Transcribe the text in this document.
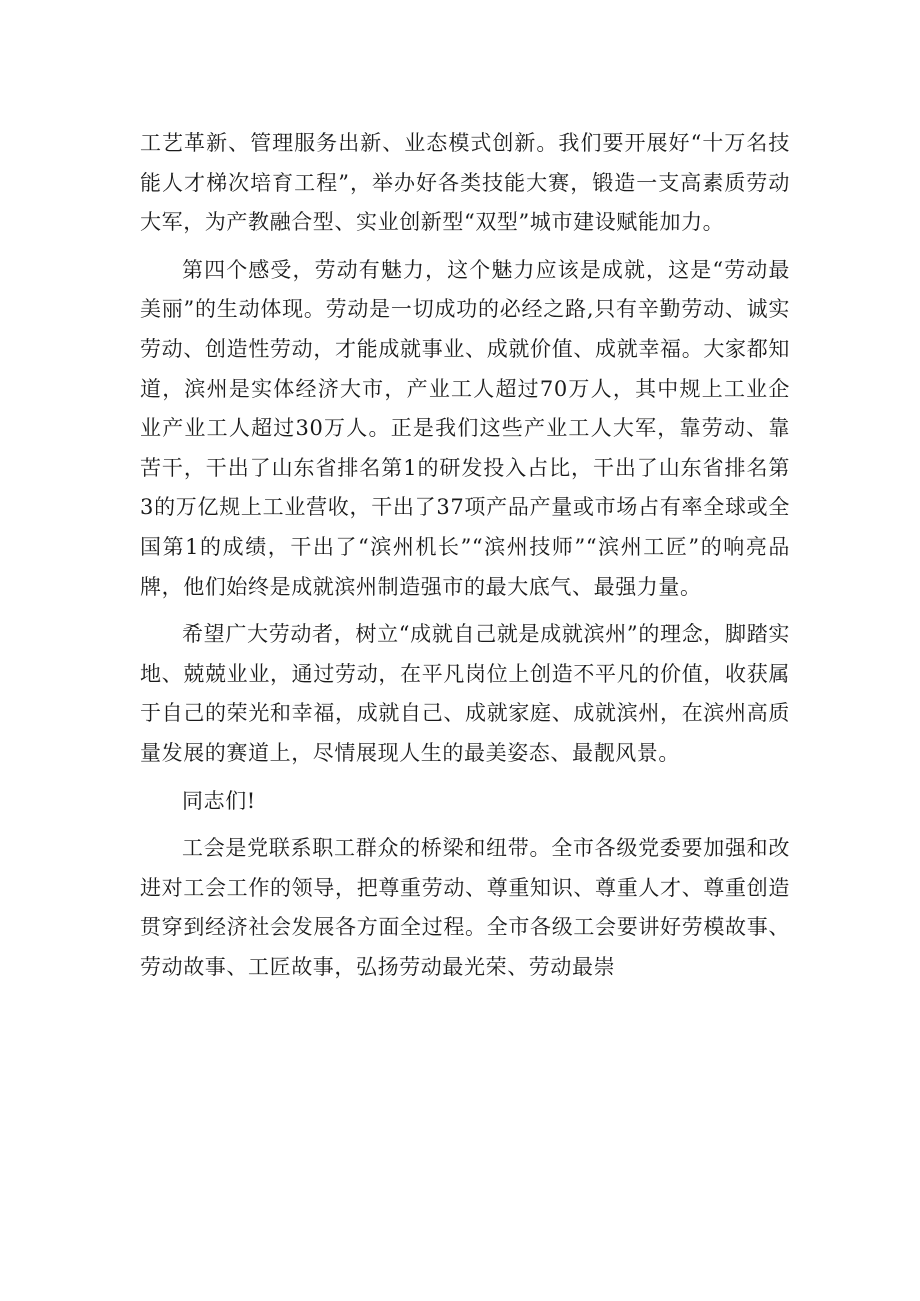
工艺革新、管理服务出新、业态模式创新。我们要开展好“十万名技能人才梯次培育工程”，举办好各类技能大赛，锻造一支高素质劳动大军，为产教融合型、实业创新型“双型”城市建设赋能加力。

第四个感受，劳动有魅力，这个魅力应该是成就，这是“劳动最美丽”的生动体现。劳动是一切成功的必经之路,只有辛勤劳动、诚实劳动、创造性劳动，才能成就事业、成就价值、成就幸福。大家都知道，滨州是实体经济大市，产业工人超过70万人，其中规上工业企业产业工人超过30万人。正是我们这些产业工人大军，靠劳动、靠苦干，干出了山东省排名第1的研发投入占比，干出了山东省排名第3的万亿规上工业营收，干出了37项产品产量或市场占有率全球或全国第1的成绩，干出了“滨州机长”“滨州技师”“滨州工匠”的响亮品牌，他们始终是成就滨州制造强市的最大底气、最强力量。

希望广大劳动者，树立“成就自己就是成就滨州”的理念，脚踏实地、兢兢业业，通过劳动，在平凡岗位上创造不平凡的价值，收获属于自己的荣光和幸福，成就自己、成就家庭、成就滨州，在滨州高质量发展的赛道上，尽情展现人生的最美姿态、最靓风景。

同志们!

工会是党联系职工群众的桥梁和纽带。全市各级党委要加强和改进对工会工作的领导，把尊重劳动、尊重知识、尊重人才、尊重创造贯穿到经济社会发展各方面全过程。全市各级工会要讲好劳模故事、劳动故事、工匠故事，弘扬劳动最光荣、劳动最崇
